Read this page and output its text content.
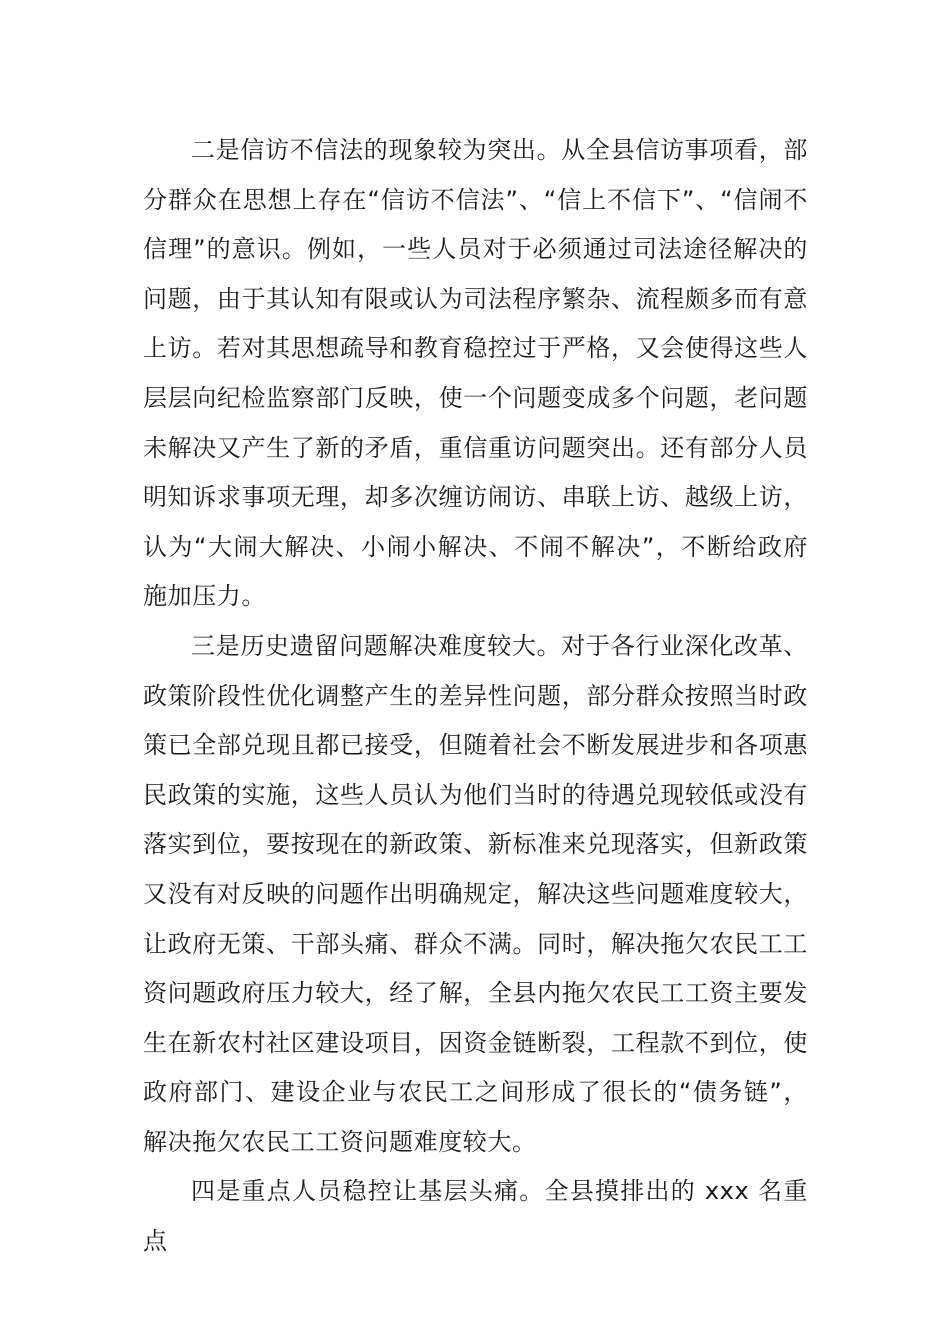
二是信访不信法的现象较为突出。从全县信访事项看，部分群众在思想上存在“信访不信法”、“信上不信下”、“信闹不信理”的意识。例如，一些人员对于必须通过司法途径解决的问题，由于其认知有限或认为司法程序繁杂、流程颇多而有意上访。若对其思想疏导和教育稳控过于严格，又会使得这些人层层向纪检监察部门反映，使一个问题变成多个问题，老问题未解决又产生了新的矛盾，重信重访问题突出。还有部分人员明知诉求事项无理，却多次缠访闹访、串联上访、越级上访，认为“大闹大解决、小闹小解决、不闹不解决”，不断给政府施加压力。

三是历史遗留问题解决难度较大。对于各行业深化改革、政策阶段性优化调整产生的差异性问题，部分群众按照当时政策已全部兑现且都已接受，但随着社会不断发展进步和各项惠民政策的实施，这些人员认为他们当时的待遇兑现较低或没有落实到位，要按现在的新政策、新标准来兑现落实，但新政策又没有对反映的问题作出明确规定，解决这些问题难度较大，让政府无策、干部头痛、群众不满。同时，解决拖欠农民工工资问题政府压力较大，经了解，全县内拖欠农民工工资主要发生在新农村社区建设项目，因资金链断裂，工程款不到位，使政府部门、建设企业与农民工之间形成了很长的“债务链”，解决拖欠农民工工资问题难度较大。

四是重点人员稳控让基层头痛。全县摸排出的 xxx 名重点
